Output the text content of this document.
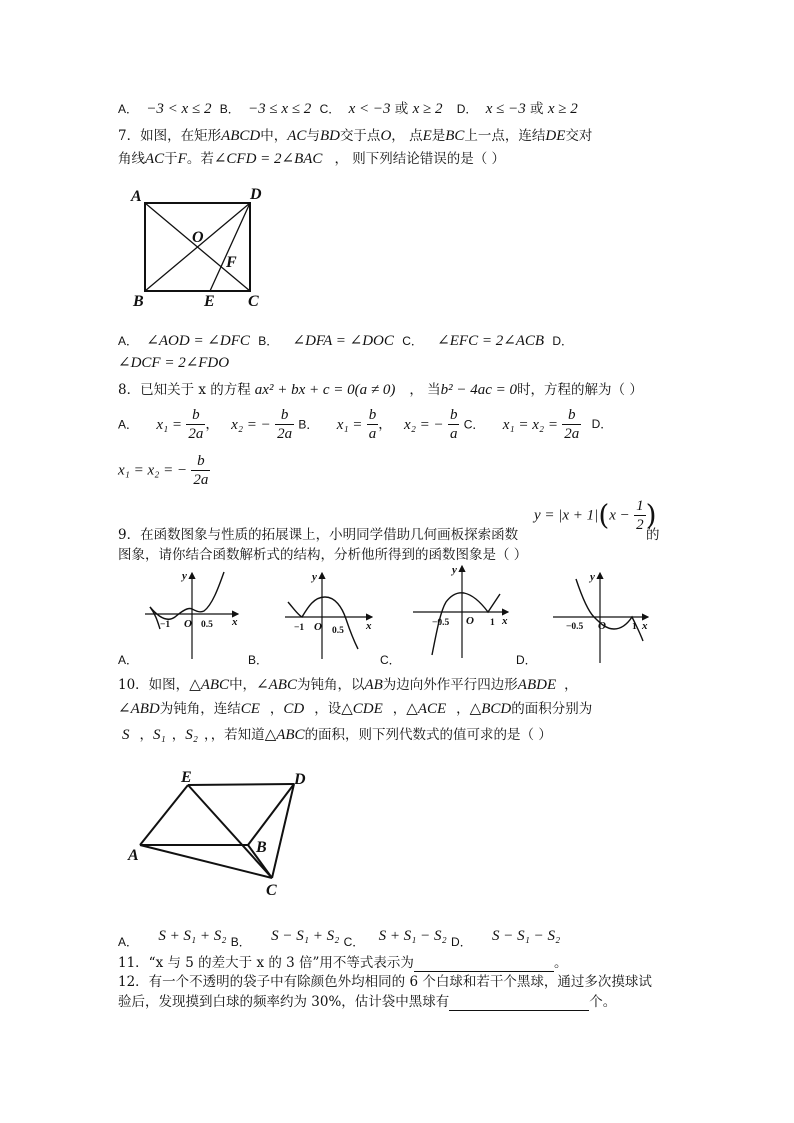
A． −3 < x ≤ 2 B． −3 ≤ x ≤ 2 C． x < −3 或 x ≥ 2 D． x ≤ −3 或 x ≥ 2
7．如图，在矩形ABCD中，AC与BD交于点O， 点E是BC上一点，连结DE交对
角线AC于F。若∠CFD = 2∠BAC ， 则下列结论错误的是（ ）
A	D
O
F
B	E C
A． ∠AOD = ∠DFC B． ∠DFA = ∠DOC C． ∠EFC = 2∠ACB D．
∠DCF = 2∠FDO
8．已知关于 x 的方程 ax² + bx + c = 0(a ≠ 0) ， 当b² − 4ac = 0时，方程的解为（ ）
A． $x_1 = \frac{b}{2a}$ ， x₂ = − $\frac{b}{2a}$ B． $x_1 = \frac{b}{a}$ ， x₂ = − $\frac{b}{a}$ C． $x_1 = x_2 = \frac{b}{2a}$ D．
x₁ = x₂ = − $\frac{b}{2a}$
$y = |x + 1|(x - \frac{1}{2}$ )
9．在函数图象与性质的拓展课上，小明同学借助几何画板探索函数	的
图象，请你结合函数解析式的结构，分析他所得到的函数图象是（ ）
y
x
O
−1	0.5
y
x
O
−1	0.5
y
x
O
−0.5	1
y
x
O
−0.5	1
A．	B．	C．	D．
10．如图，△ABC中，∠ABC为钝角，以AB为边向外作平行四边形ABDE ，
∠ABD为钝角，连结CE ，CD ，设△CDE ，△ACE ，△BCD的面积分别为
S ，S₁ ，S₂ ，，若知道△ABC的面积，则下列代数式的值可求的是（ ）
E	D
A	B
C
A． S + S₁ + S₂ B． S − S₁ + S₂ C． S + S₁ − S₂ D． S − S₁ − S₂
11．“x 与 5 的差大于 x 的 3 倍”用不等式表示为	。
12．有一个不透明的袋子中有除颜色外均相同的 6 个白球和若干个黑球，通过多次摸球试
验后，发现摸到白球的频率约为 30%，估计袋中黑球有	个。
